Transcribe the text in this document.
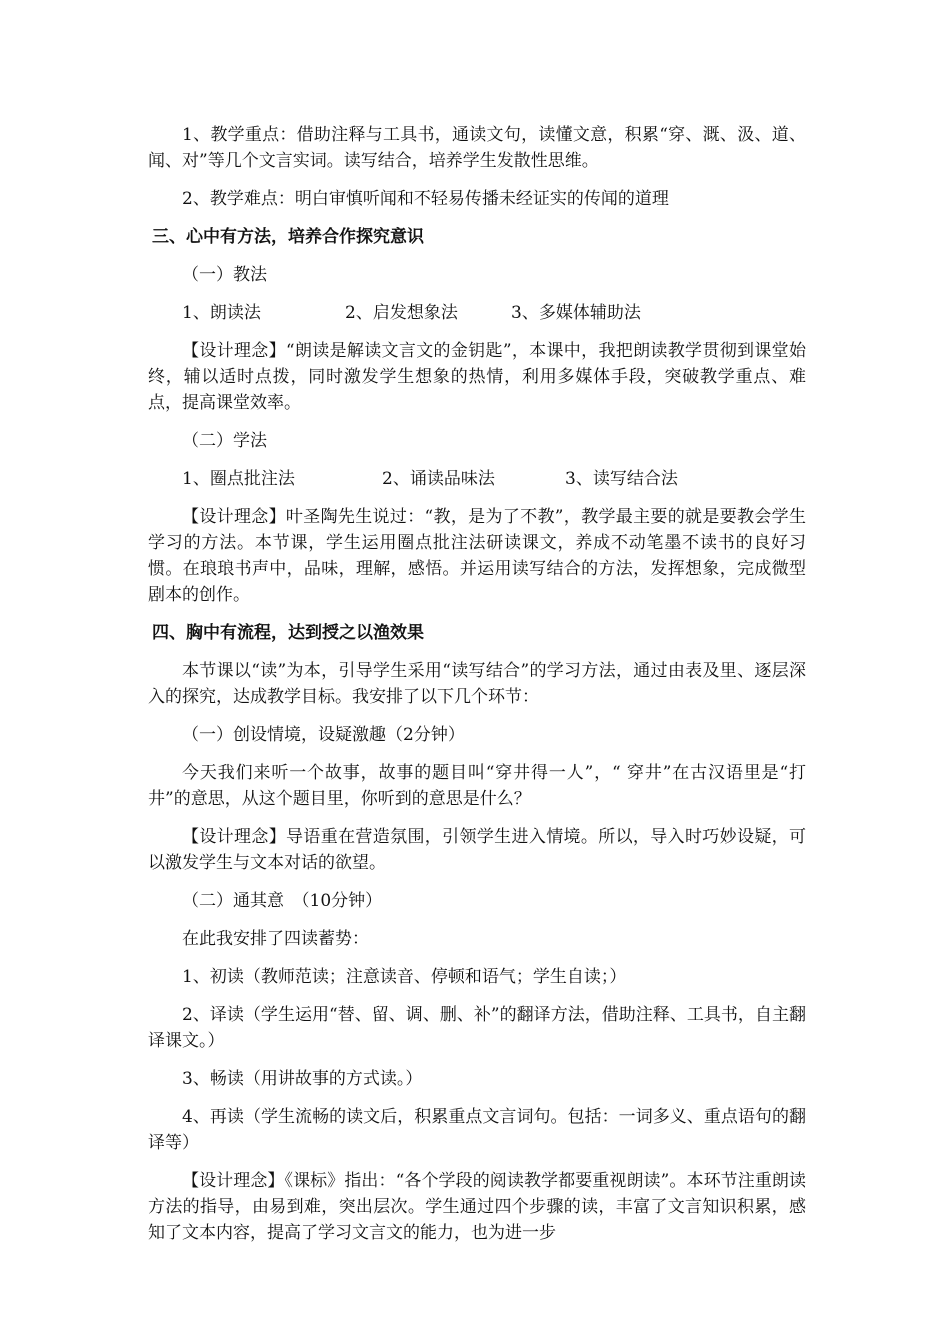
1、教学重点：借助注释与工具书，通读文句，读懂文意，积累“穿、溉、汲、道、闻、对”等几个文言实词。读写结合，培养学生发散性思维。

2、教学难点：明白审慎听闻和不轻易传播未经证实的传闻的道理

三、心中有方法，培养合作探究意识

（一）教法

1、朗读法	2、启发想象法	3、多媒体辅助法

【设计理念】“朗读是解读文言文的金钥匙”，本课中，我把朗读教学贯彻到课堂始终，辅以适时点拨，同时激发学生想象的热情，利用多媒体手段，突破教学重点、难点，提高课堂效率。

（二）学法

1、圈点批注法	2、诵读品味法	3、读写结合法

【设计理念】叶圣陶先生说过：“教，是为了不教”，教学最主要的就是要教会学生学习的方法。本节课，学生运用圈点批注法研读课文，养成不动笔墨不读书的良好习惯。在琅琅书声中，品味，理解，感悟。并运用读写结合的方法，发挥想象，完成微型剧本的创作。

四、胸中有流程，达到授之以渔效果

本节课以“读”为本，引导学生采用“读写结合”的学习方法，通过由表及里、逐层深入的探究，达成教学目标。我安排了以下几个环节：

（一）创设情境，设疑激趣（2分钟）

今天我们来听一个故事，故事的题目叫“穿井得一人”，“ 穿井”在古汉语里是“打井”的意思，从这个题目里，你听到的意思是什么？

【设计理念】导语重在营造氛围，引领学生进入情境。所以，导入时巧妙设疑，可以激发学生与文本对话的欲望。

（二）通其意　（10分钟）

在此我安排了四读蓄势：

1、初读（教师范读；注意读音、停顿和语气；学生自读；）

2、译读（学生运用“替、留、调、删、补”的翻译方法，借助注释、工具书，自主翻译课文。）

3、畅读（用讲故事的方式读。）

4、再读（学生流畅的读文后，积累重点文言词句。包括：一词多义、重点语句的翻译等）

【设计理念】《课标》指出：“各个学段的阅读教学都要重视朗读”。本环节注重朗读方法的指导，由易到难，突出层次。学生通过四个步骤的读，丰富了文言知识积累，感知了文本内容，提高了学习文言文的能力，也为进一步
